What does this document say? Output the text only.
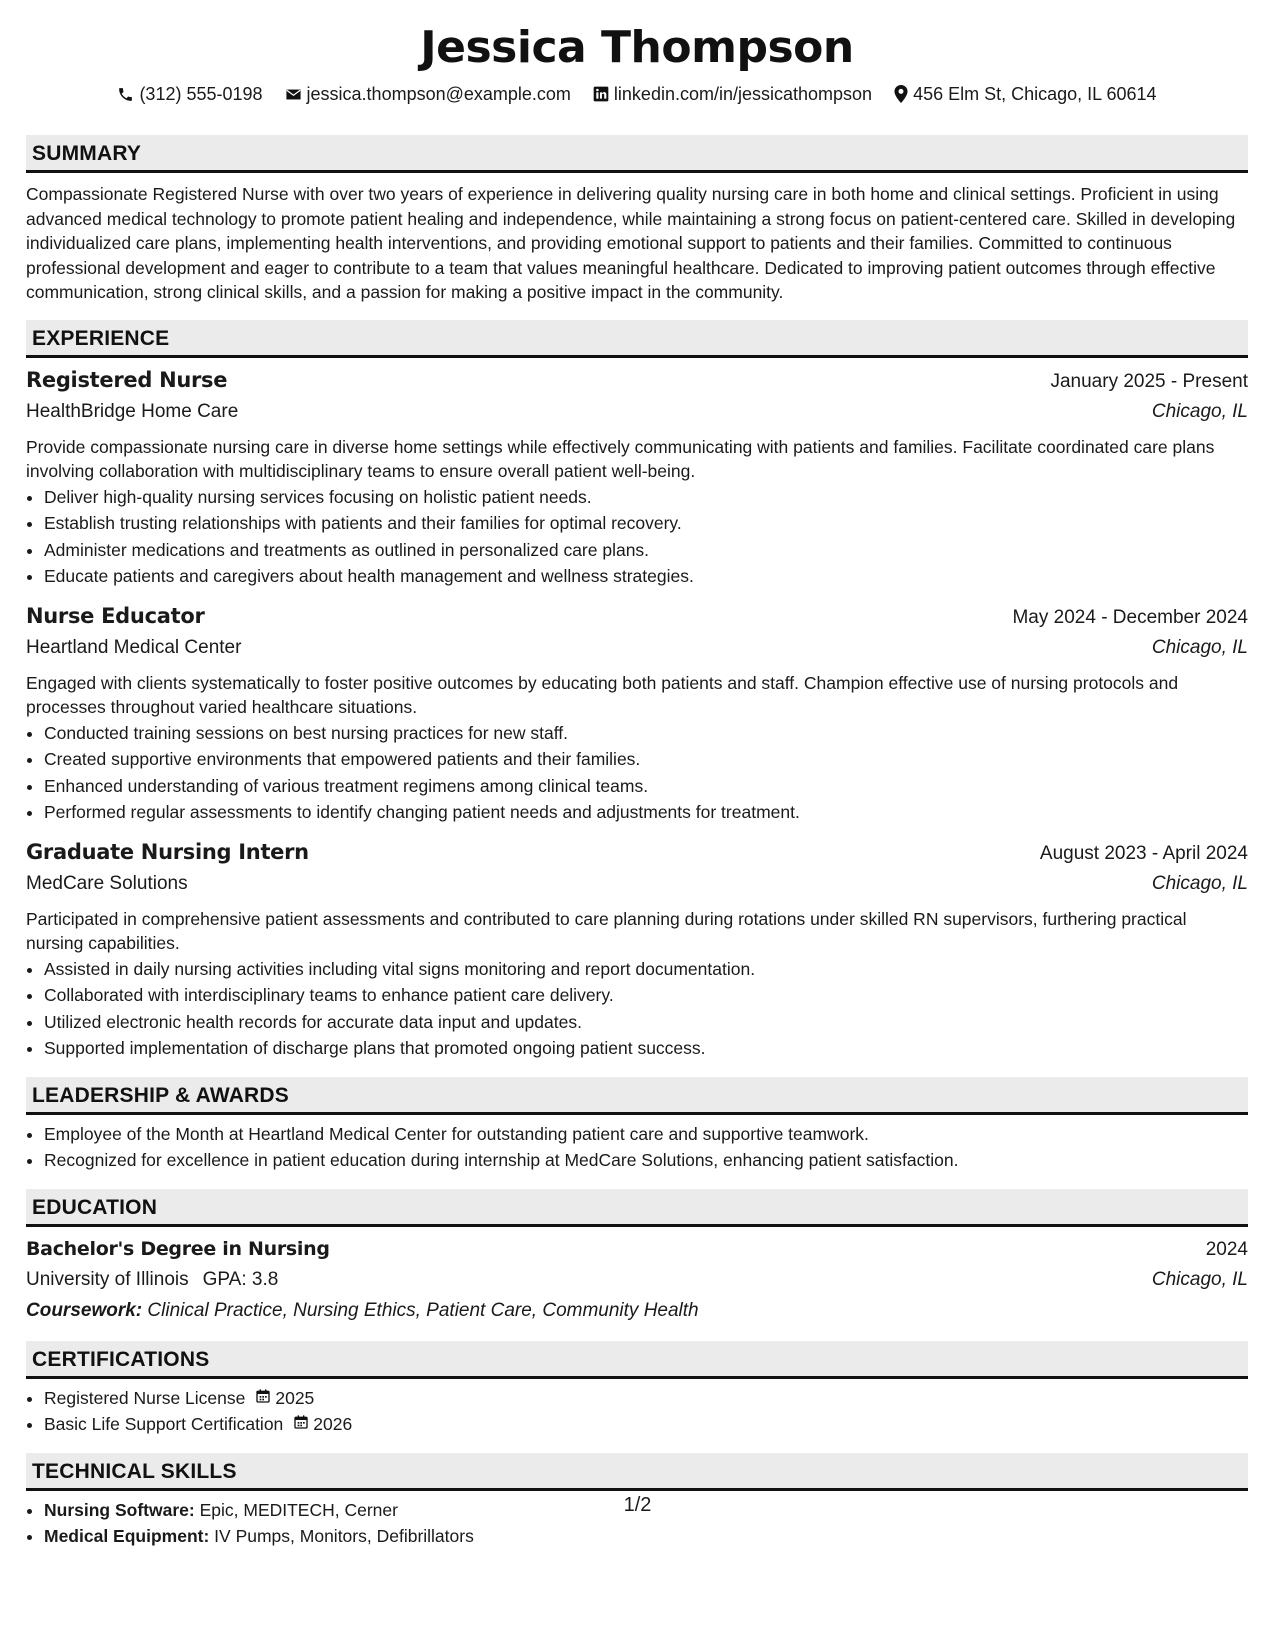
Jessica Thompson
(312) 555-0198 jessica.thompson@example.com linkedin.com/in/jessicathompson 456 Elm St, Chicago, IL 60614
SUMMARY

Compassionate Registered Nurse with over two years of experience in delivering quality nursing care in both home and clinical settings. Proficient in using advanced medical technology to promote patient healing and independence, while maintaining a strong focus on patient-centered care. Skilled in developing individualized care plans, implementing health interventions, and providing emotional support to patients and their families. Committed to continuous professional development and eager to contribute to a team that values meaningful healthcare. Dedicated to improving patient outcomes through effective communication, strong clinical skills, and a passion for making a positive impact in the community.

EXPERIENCE
Registered Nurse	January 2025 - Present
HealthBridge Home Care	Chicago, IL

Provide compassionate nursing care in diverse home settings while effectively communicating with patients and families. Facilitate coordinated care plans involving collaboration with multidisciplinary teams to ensure overall patient well-being.

• Deliver high-quality nursing services focusing on holistic patient needs.
• Establish trusting relationships with patients and their families for optimal recovery.
• Administer medications and treatments as outlined in personalized care plans.
• Educate patients and caregivers about health management and wellness strategies.
Nurse Educator	May 2024 - December 2024
Heartland Medical Center	Chicago, IL

Engaged with clients systematically to foster positive outcomes by educating both patients and staff. Champion effective use of nursing protocols and processes throughout varied healthcare situations.

• Conducted training sessions on best nursing practices for new staff.
• Created supportive environments that empowered patients and their families.
• Enhanced understanding of various treatment regimens among clinical teams.
• Performed regular assessments to identify changing patient needs and adjustments for treatment.
Graduate Nursing Intern	August 2023 - April 2024
MedCare Solutions	Chicago, IL

Participated in comprehensive patient assessments and contributed to care planning during rotations under skilled RN supervisors, furthering practical nursing capabilities.

• Assisted in daily nursing activities including vital signs monitoring and report documentation.
• Collaborated with interdisciplinary teams to enhance patient care delivery.
• Utilized electronic health records for accurate data input and updates.
• Supported implementation of discharge plans that promoted ongoing patient success.
LEADERSHIP & AWARDS
• Employee of the Month at Heartland Medical Center for outstanding patient care and supportive teamwork.
• Recognized for excellence in patient education during internship at MedCare Solutions, enhancing patient satisfaction.
EDUCATION
Bachelor's Degree in Nursing	2024
University of Illinois GPA: 3.8	Chicago, IL
Coursework: Clinical Practice, Nursing Ethics, Patient Care, Community Health
CERTIFICATIONS
• Registered Nurse License 2025
• Basic Life Support Certification 2026
TECHNICAL SKILLS
• Nursing Software: Epic, MEDITECH, Cerner
• Medical Equipment: IV Pumps, Monitors, Defibrillators
1/2
